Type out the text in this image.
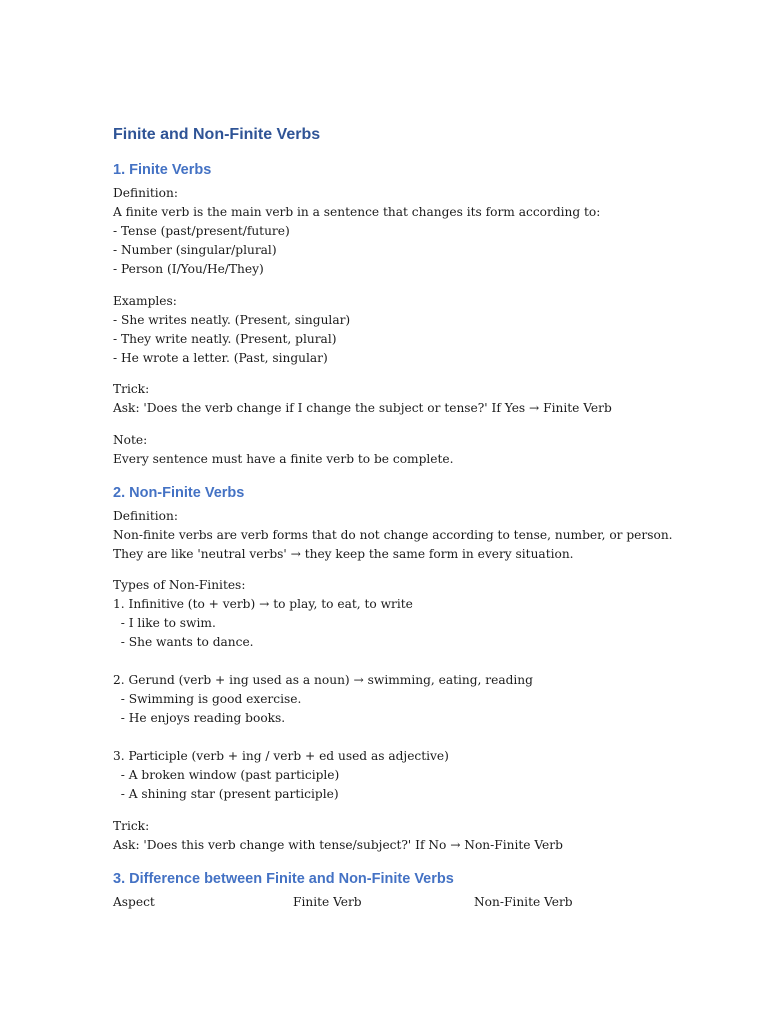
Finite and Non-Finite Verbs
1. Finite Verbs

Definition:

A finite verb is the main verb in a sentence that changes its form according to:

- Tense (past/present/future)

- Number (singular/plural)

- Person (I/You/He/They)

Examples:

- She writes neatly. (Present, singular)

- They write neatly. (Present, plural)

- He wrote a letter. (Past, singular)

Trick:

Ask: 'Does the verb change if I change the subject or tense?' If Yes → Finite Verb

Note:

Every sentence must have a finite verb to be complete.

2. Non-Finite Verbs

Definition:

Non-finite verbs are verb forms that do not change according to tense, number, or person.

They are like 'neutral verbs' → they keep the same form in every situation.

Types of Non-Finites:

1. Infinitive (to + verb) → to play, to eat, to write

- I like to swim.

- She wants to dance.

2. Gerund (verb + ing used as a noun) → swimming, eating, reading

- Swimming is good exercise.

- He enjoys reading books.

3. Participle (verb + ing / verb + ed used as adjective)

- A broken window (past participle)

- A shining star (present participle)

Trick:

Ask: 'Does this verb change with tense/subject?' If No → Non-Finite Verb

3. Difference between Finite and Non-Finite Verbs
Aspect	Finite Verb	Non-Finite Verb
